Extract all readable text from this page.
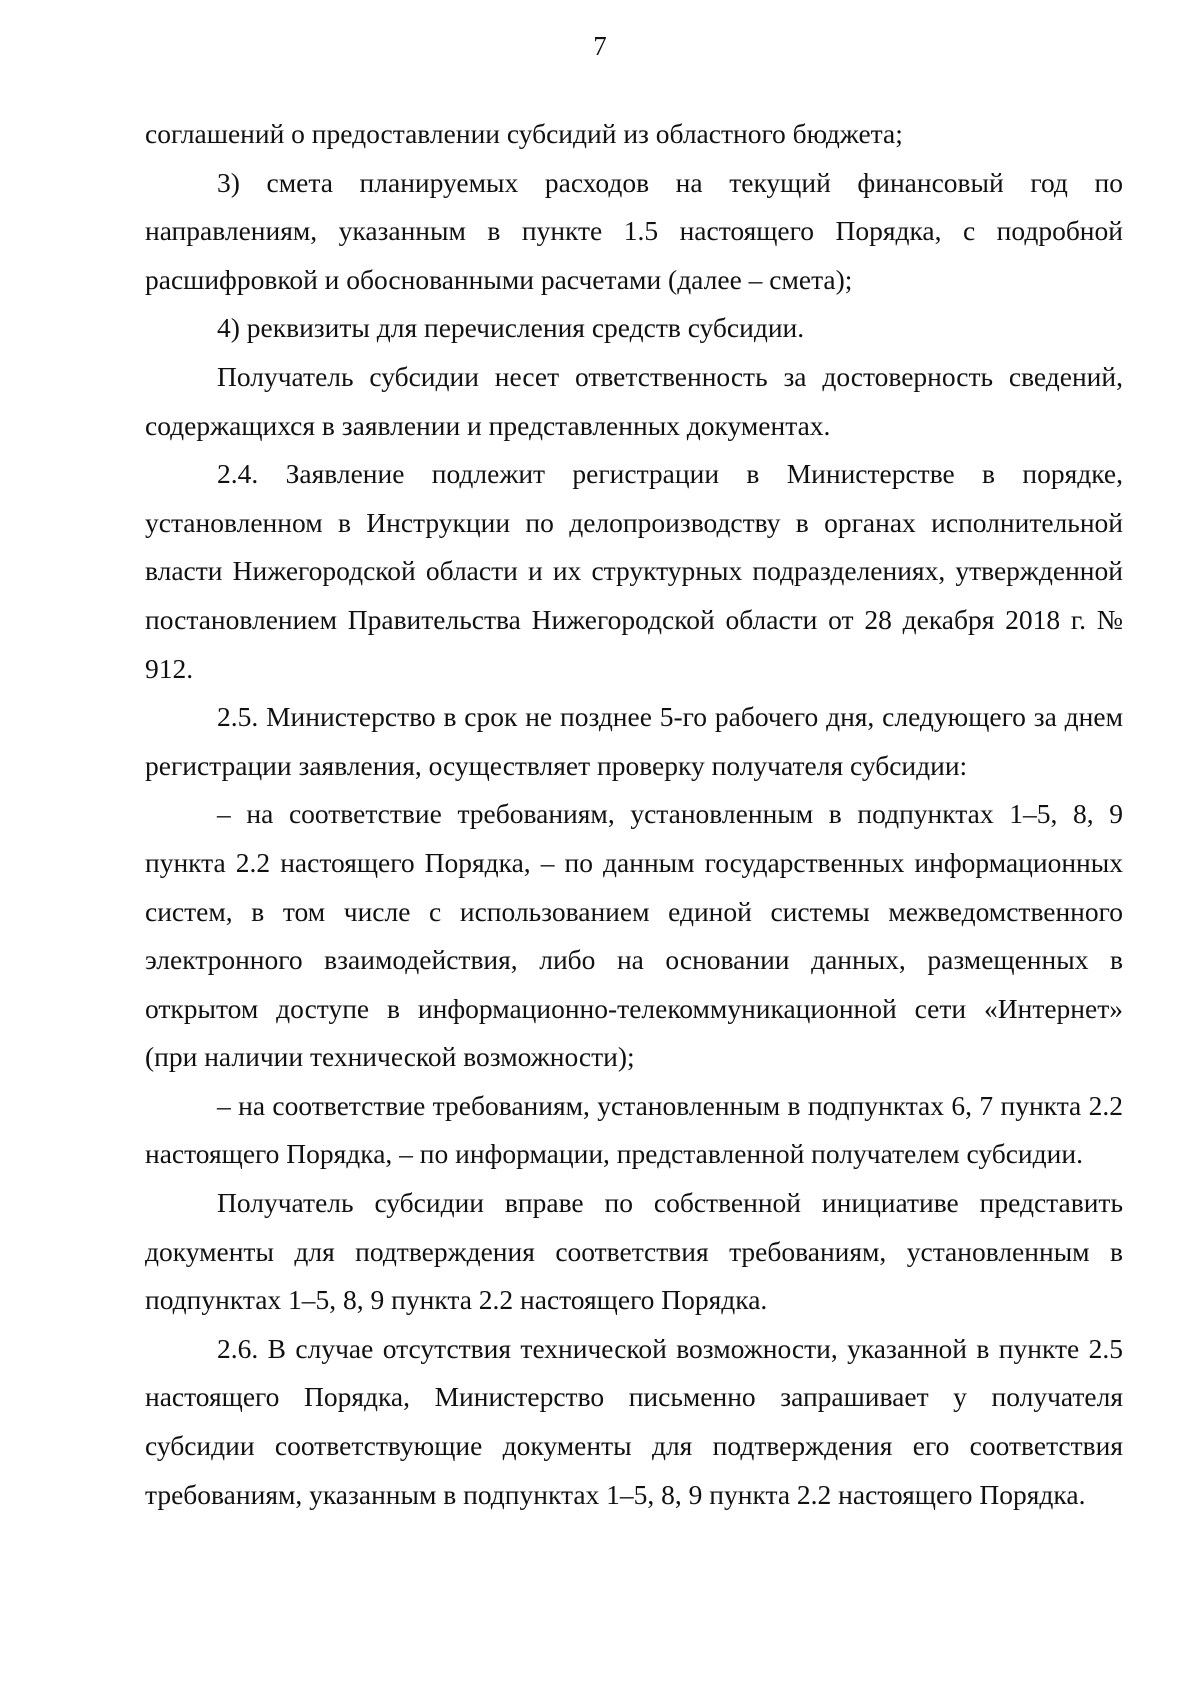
7

соглашений о предоставлении субсидий из областного бюджета;

3) смета планируемых расходов на текущий финансовый год по направлениям, указанным в пункте 1.5 настоящего Порядка, с подробной расшифровкой и обоснованными расчетами (далее – смета);

4) реквизиты для перечисления средств субсидии.

Получатель субсидии несет ответственность за достоверность сведений, содержащихся в заявлении и представленных документах.

2.4. Заявление подлежит регистрации в Министерстве в порядке, установленном в Инструкции по делопроизводству в органах исполнительной власти Нижегородской области и их структурных подразделениях, утвержденной постановлением Правительства Нижегородской области от 28 декабря 2018 г. № 912.

2.5. Министерство в срок не позднее 5-го рабочего дня, следующего за днем регистрации заявления, осуществляет проверку получателя субсидии:

– на соответствие требованиям, установленным в подпунктах 1–5, 8, 9 пункта 2.2 настоящего Порядка, – по данным государственных информационных систем, в том числе с использованием единой системы межведомственного электронного взаимодействия, либо на основании данных, размещенных в открытом доступе в информационно-телекоммуникационной сети «Интернет» (при наличии технической возможности);

– на соответствие требованиям, установленным в подпунктах 6, 7 пункта 2.2 настоящего Порядка, – по информации, представленной получателем субсидии.

Получатель субсидии вправе по собственной инициативе представить документы для подтверждения соответствия требованиям, установленным в подпунктах 1–5, 8, 9 пункта 2.2 настоящего Порядка.

2.6. В случае отсутствия технической возможности, указанной в пункте 2.5 настоящего Порядка, Министерство письменно запрашивает у получателя субсидии соответствующие документы для подтверждения его соответствия требованиям, указанным в подпунктах 1–5, 8, 9 пункта 2.2 настоящего Порядка.
